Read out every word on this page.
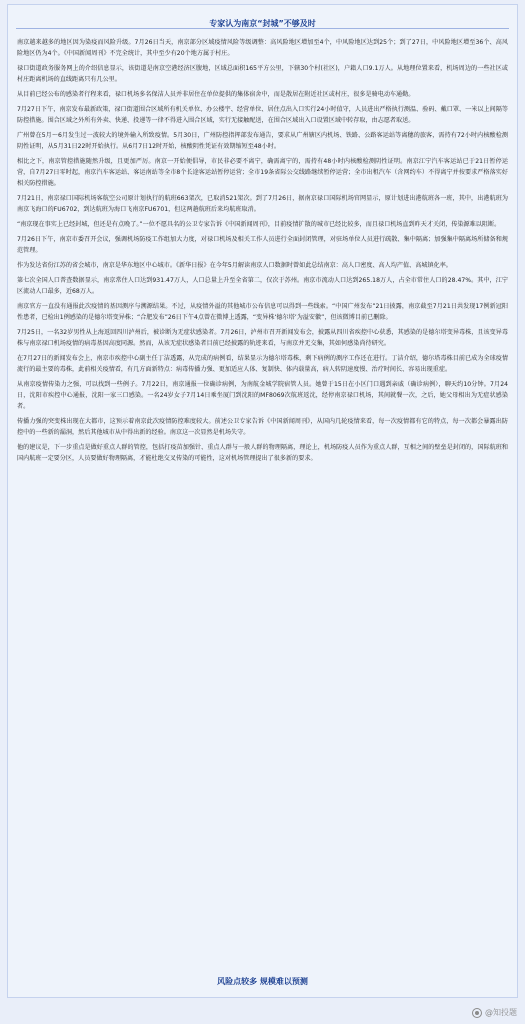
专家认为南京“封城”不够及时

南京越来越多的地区因为染疫而风险升级。7月26日当天，南京部分区域疫情风险等级调整：高风险地区增加至4个，中风险地区达到25个；到了27日，中风险地区增至36个、高风险地区仍为4个。《中国新闻周刊》不完全统计，其中至少有20个地方属于村庄。

禄口街道政务服务网上的介绍信息显示，该街道是南京空港经济区腹地，区域总面积165平方公里，下辖30个村(社区)，户籍人口9.1万人。从地理位置来看，机场周边的一些社区或村庄距离机场的直线距离只有几公里。

从目前已经公布的感染者行程来看，禄口机场多名保洁人员并非居住在单位提供的集体宿舍中，而是散居在附近社区或村庄，很多是骑电动车通勤。

7月27日下午，南京发布最新政策，禄口街道围合区域所有机关单位、办公楼宇、经营单位、居住点出入口实行24小时值守，人员进出严格执行测温、验码、戴口罩、一米以上间隔等防控措施。围合区域之外所有外卖、快递、投递等一律不得进入围合区域，实行无接触配送，在围合区域出入口设置区域中转存取，由志愿者取送。

广州曾在5月～6月发生过一波较大的境外输入所致疫情。5月30日，广州防控指挥部发布通告，要求从广州辖区内机场、铁路、公路客运站等离穗的旅客，需持有72小时内核酸检测阴性证明，从5月31日22时开始执行。从6月7日12时开始，核酸阴性凭证有效期缩短至48小时。

相比之下，南京管控措施随然升级，且更加严厉。南京一开始便倡导，市民非必要不离宁，确需离宁的，需持有48小时内核酸检测阴性证明。南京江宁汽车客运站已于21日暂停运营，自7月27日零时起，南京汽车客运站、客运南站等全市8个长途客运站暂停运营；全市19条省际公交线路继续暂停运营；全市出租汽车（含网约车）不得离宁并按要求严格落实好相关防控措施。

7月21日，南京禄口国际机场客航空公司原计划执行的航班663架次，已取消521架次。到了7月26日，据南京禄口国际机场官网显示，原计划进出港航班各一班，其中，出港航班为南京飞海口的FU6702，到达航班为海口飞南京FU6701，但这两趟航班后来均航班取消。

“南京现在事实上已经封城，但还是有点晚了。”一位不愿具名的公卫专家告诉《中国新闻周刊》，目前疫情扩散的城市已经比较多，而且禄口机场直到昨天才关闭，传染源难以阻断。

7月26日下午，南京市委召开会议，强调机场防疫工作组加大力度，对禄口机场及相关工作人员进行全面封闭管理，对驻场单位人员进行疏散、集中隔离；加强集中隔离场所储备和规范管理。

作为发达省份江苏的省会城市，南京是华东地区中心城市。《新华日报》在今年5月解读南京人口数据时曾如此总结南京：高人口密度、高人均产值、高城镇化率。

第七次全国人口普查数据显示，南京常住人口达到931.47万人，人口总量上升至全省第二，仅次于苏州。南京市流动人口达到265.18万人，占全市常住人口的28.47%。其中，江宁区流动人口最多，近68万人。

南京官方一直没有通报此次疫情的基因测序与溯源结果。不过，从疫情外溢的其他城市公布信息可以得到一些线索。“中国广州发布”21日披露，南京截至7月21日共发现17例新冠阳性患者，已检出1例感染的是德尔塔变异株；“合肥发布”26日下午4点曾在微博上透露，“变异株‘德尔塔’为溢安徽”，但该微博目前已删除。

7月25日，一名32岁男性从上海返回四川泸州后，被诊断为无症状感染者。7月26日，泸州市召开新闻发布会，披露从四川省疾控中心获悉，其感染的是德尔塔变异毒株，且该变异毒株与南京禄口机场疫情的病毒基因高度同源。然而，从该无症状感染者目前已经披露的轨迹来看，与南京并无交集，其如何感染尚待研究。

在7月27日的新闻发布会上，南京市疾控中心副主任丁洁透露，从完成的病例看，结果显示为德尔塔毒株，剩下病例的测序工作还在进行。丁洁介绍，德尔塔毒株目前已成为全球疫情流行的最主要的毒株，此前相关疫情看，有几方面新特点：病毒传播力强、更加适应人体、复制快、体内载量高，病人转阴速度慢、治疗时间长、容易出现重症。

从南京疫情传染力之强，可以找到一些例子。7月22日，南京通报一位确诊病例，为南航金城学院宿管人员。她曾于15日在小区门口遇到亲戚（确诊病例），聊天约10分钟。7月24日，沈阳市疾控中心通报，沈阳一家三口感染。一名24岁女子7月14日乘坐厦门到沈阳的MF8069次航班返沈，经停南京禄口机场，其间就餐一次，之后，她父母相出为无症状感染者。

传播力强的突变株出现在大都市，这预示着南京此次疫情防控难度较大。前述公卫专家告诉《中国新闻周刊》，从国内几轮疫情来看，每一次疫情都有它的特点，每一次都会暴露出防控中的一些新的漏洞，然后其他城市从中得出新的经验。南京这一次显然是机场失守。

他的建议是，下一步重点是做好重点人群的管控，包括打疫苗加强针、重点人群与一般人群的物理隔离，理论上，机场防疫人员作为重点人群，互相之间的壁垒是封闭的，国际航班和国内航班一定要分区，人员要做好物理隔离，才能杜绝交叉传染的可能性，这对机场管理提出了很多新的要求。

风险点较多 规模难以预测
@知投题
